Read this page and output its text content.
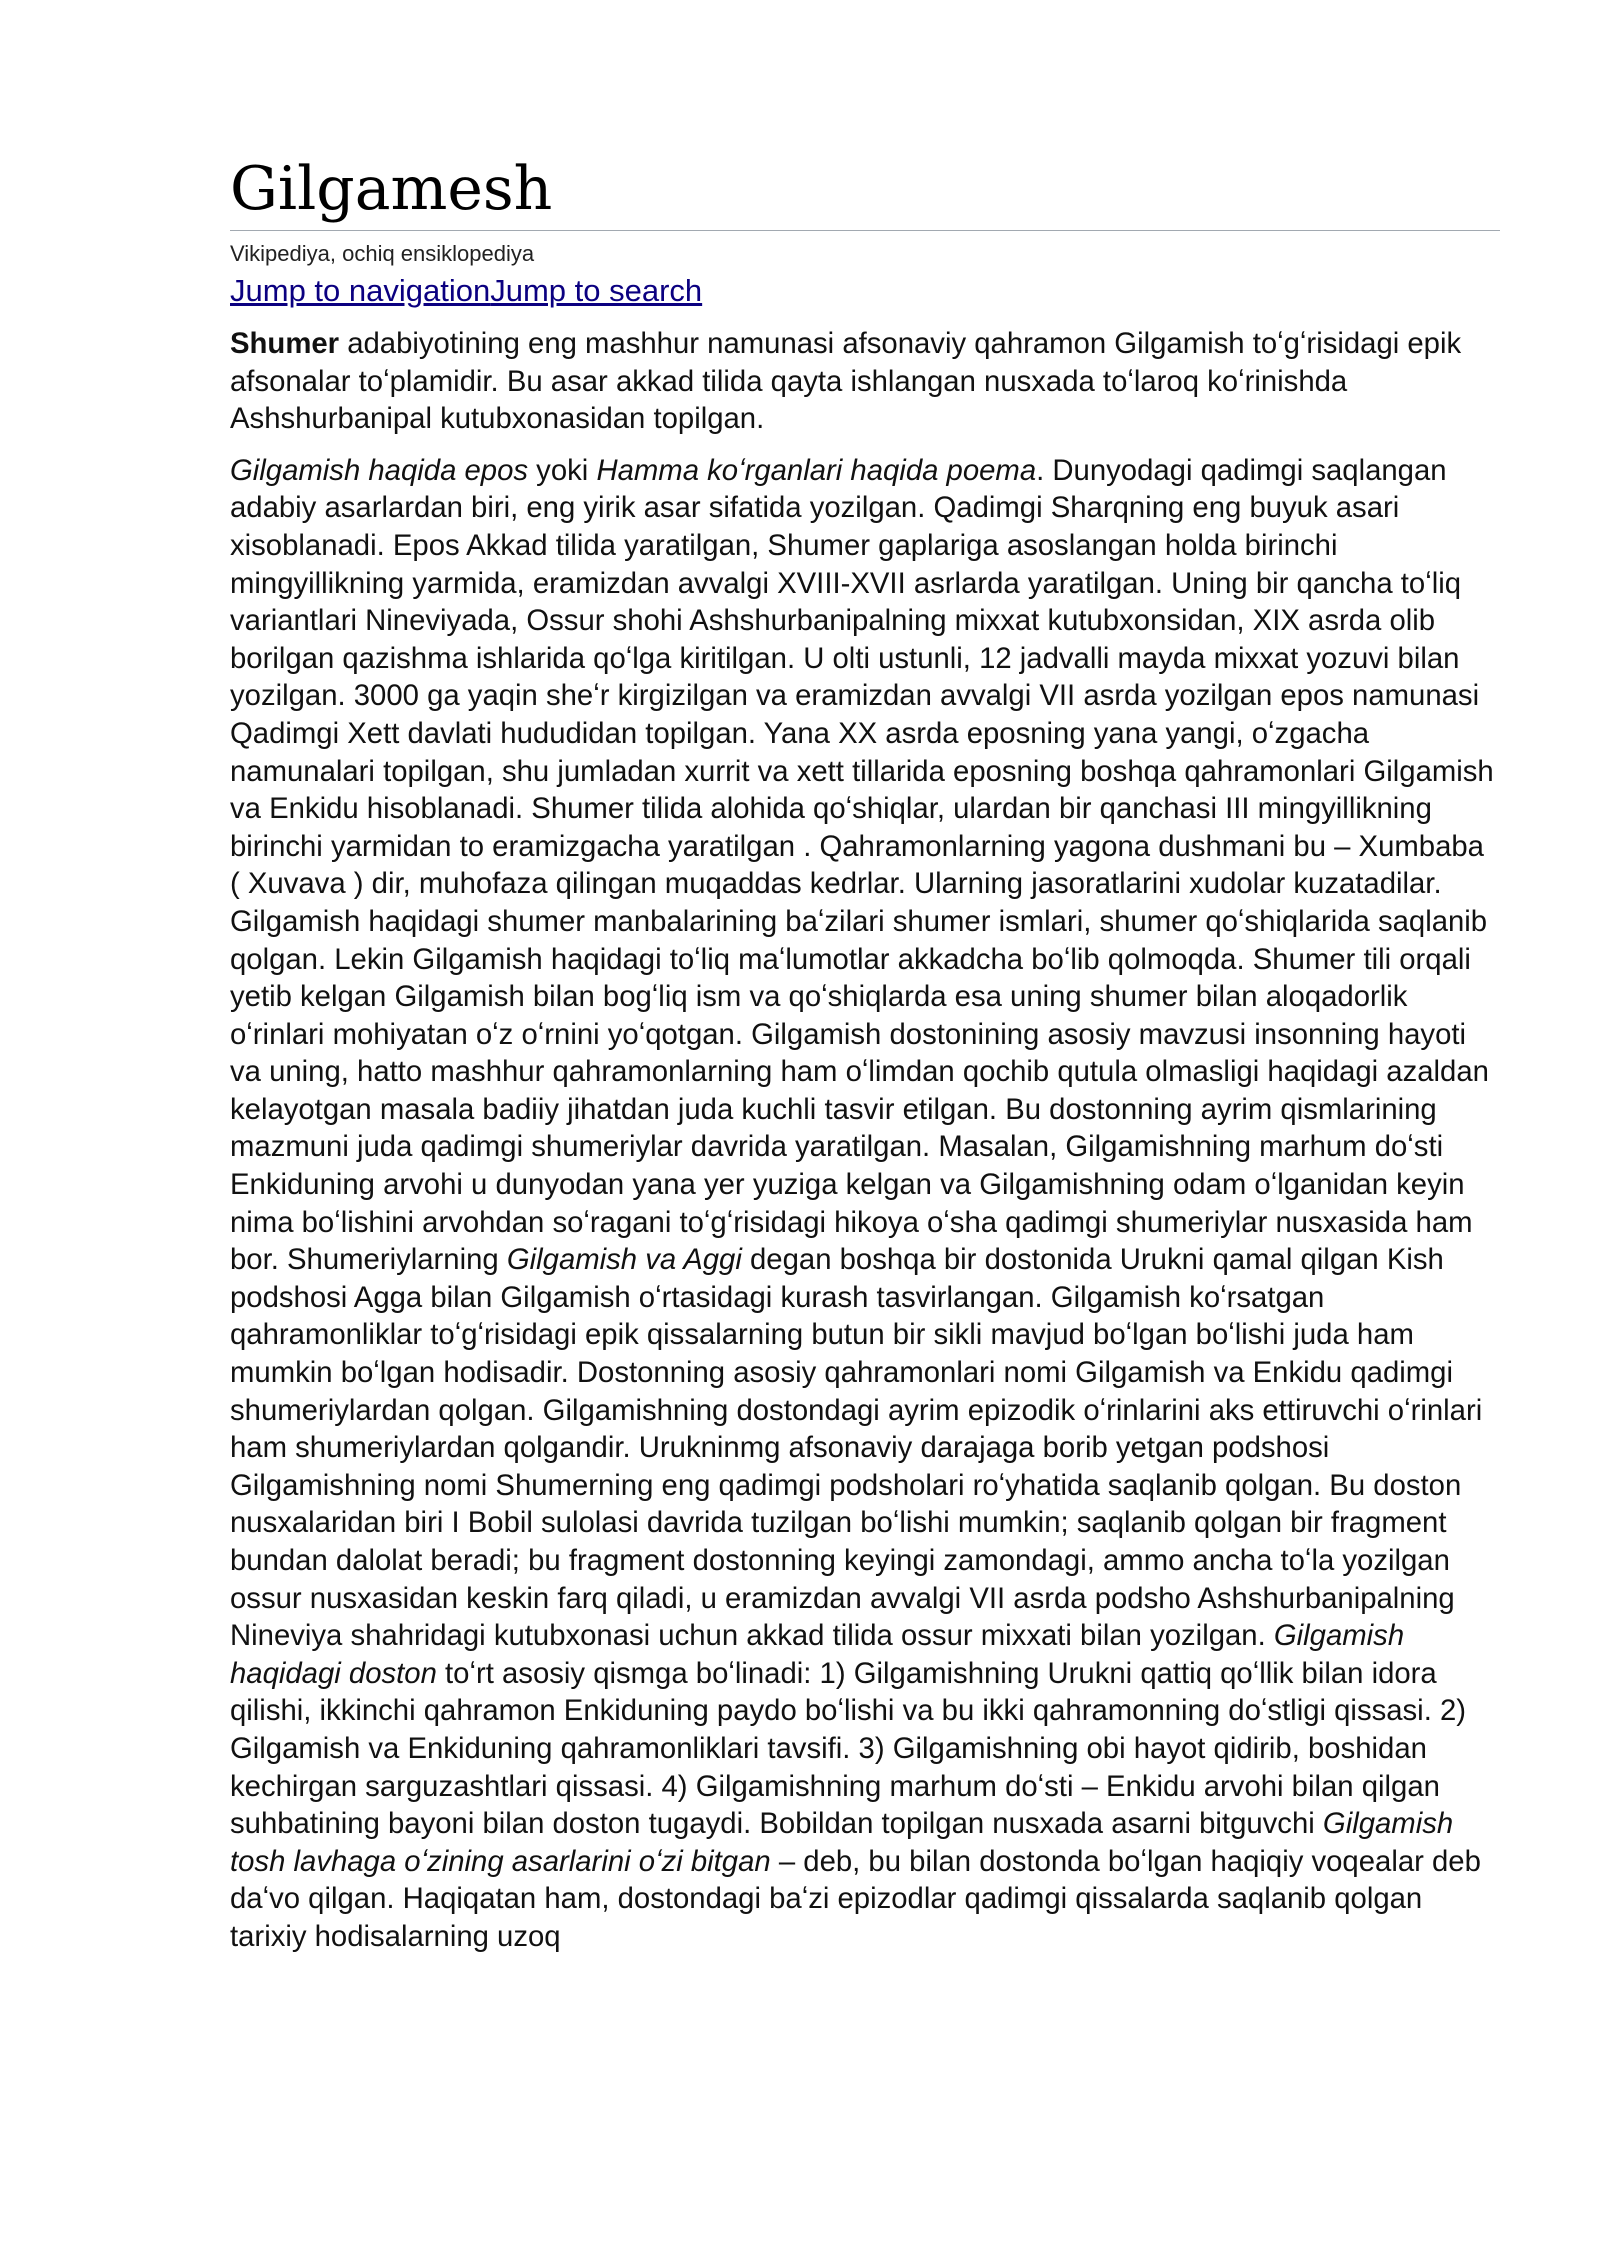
Gilgamesh
Vikipediya, ochiq ensiklopediya
Jump to navigationJump to search

Shumer adabiyotining eng mashhur namunasi afsonaviy qahramon Gilgamish toʻgʻrisidagi epik afsonalar toʻplamidir. Bu asar akkad tilida qayta ishlangan nusxada toʻlaroq koʻrinishda Ashshurbanipal kutubxonasidan topilgan.

Gilgamish haqida epos yoki Hamma koʻrganlari haqida poema. Dunyodagi qadimgi saqlangan adabiy asarlardan biri, eng yirik asar sifatida yozilgan. Qadimgi Sharqning eng buyuk asari xisoblanadi. Epos Akkad tilida yaratilgan, Shumer gaplariga asoslangan holda birinchi mingyillikning yarmida, eramizdan avvalgi XVIII-XVII asrlarda yaratilgan. Uning bir qancha toʻliq variantlari Nineviyada, Ossur shohi Ashshurbanipalning mixxat kutubxonsidan, XIX asrda olib borilgan qazishma ishlarida qoʻlga kiritilgan. U olti ustunli, 12 jadvalli mayda mixxat yozuvi bilan yozilgan. 3000 ga yaqin sheʻr kirgizilgan va eramizdan avvalgi VII asrda yozilgan epos namunasi Qadimgi Xett davlati hududidan topilgan. Yana XX asrda eposning yana yangi, oʻzgacha namunalari topilgan, shu jumladan xurrit va xett tillarida eposning boshqa qahramonlari Gilgamish va Enkidu hisoblanadi. Shumer tilida alohida qoʻshiqlar, ulardan bir qanchasi III mingyillikning birinchi yarmidan to eramizgacha yaratilgan . Qahramonlarning yagona dushmani bu – Xumbaba ( Xuvava ) dir, muhofaza qilingan muqaddas kedrlar. Ularning jasoratlarini xudolar kuzatadilar. Gilgamish haqidagi shumer manbalarining baʻzilari shumer ismlari, shumer qoʻshiqlarida saqlanib qolgan. Lekin Gilgamish haqidagi toʻliq maʻlumotlar akkadcha boʻlib qolmoqda. Shumer tili orqali yetib kelgan Gilgamish bilan bogʻliq ism va qoʻshiqlarda esa uning shumer bilan aloqadorlik oʻrinlari mohiyatan oʻz oʻrnini yoʻqotgan. Gilgamish dostonining asosiy mavzusi insonning hayoti va uning, hatto mashhur qahramonlarning ham oʻlimdan qochib qutula olmasligi haqidagi azaldan kelayotgan masala badiiy jihatdan juda kuchli tasvir etilgan. Bu dostonning ayrim qismlarining mazmuni juda qadimgi shumeriylar davrida yaratilgan. Masalan, Gilgamishning marhum doʻsti Enkiduning arvohi u dunyodan yana yer yuziga kelgan va Gilgamishning odam oʻlganidan keyin nima boʻlishini arvohdan soʻragani toʻgʻrisidagi hikoya oʻsha qadimgi shumeriylar nusxasida ham bor. Shumeriylarning Gilgamish va Aggi degan boshqa bir dostonida Urukni qamal qilgan Kish podshosi Agga bilan Gilgamish oʻrtasidagi kurash tasvirlangan. Gilgamish koʻrsatgan qahramonliklar toʻgʻrisidagi epik qissalarning butun bir sikli mavjud boʻlgan boʻlishi juda ham mumkin boʻlgan hodisadir. Dostonning asosiy qahramonlari nomi Gilgamish va Enkidu qadimgi shumeriylardan qolgan. Gilgamishning dostondagi ayrim epizodik oʻrinlarini aks ettiruvchi oʻrinlari ham shumeriylardan qolgandir. Urukninmg afsonaviy darajaga borib yetgan podshosi Gilgamishning nomi Shumerning eng qadimgi podsholari roʻyhatida saqlanib qolgan. Bu doston nusxalaridan biri I Bobil sulolasi davrida tuzilgan boʻlishi mumkin; saqlanib qolgan bir fragment bundan dalolat beradi; bu fragment dostonning keyingi zamondagi, ammo ancha toʻla yozilgan ossur nusxasidan keskin farq qiladi, u eramizdan avvalgi VII asrda podsho Ashshurbanipalning Nineviya shahridagi kutubxonasi uchun akkad tilida ossur mixxati bilan yozilgan. Gilgamish haqidagi doston toʻrt asosiy qismga boʻlinadi: 1) Gilgamishning Urukni qattiq qoʻllik bilan idora qilishi, ikkinchi qahramon Enkiduning paydo boʻlishi va bu ikki qahramonning doʻstligi qissasi. 2) Gilgamish va Enkiduning qahramonliklari tavsifi. 3) Gilgamishning obi hayot qidirib, boshidan kechirgan sarguzashtlari qissasi. 4) Gilgamishning marhum doʻsti – Enkidu arvohi bilan qilgan suhbatining bayoni bilan doston tugaydi. Bobildan topilgan nusxada asarni bitguvchi Gilgamish tosh lavhaga oʻzining asarlarini oʻzi bitgan – deb, bu bilan dostonda boʻlgan haqiqiy voqealar deb daʻvo qilgan. Haqiqatan ham, dostondagi baʻzi epizodlar qadimgi qissalarda saqlanib qolgan tarixiy hodisalarning uzoq
